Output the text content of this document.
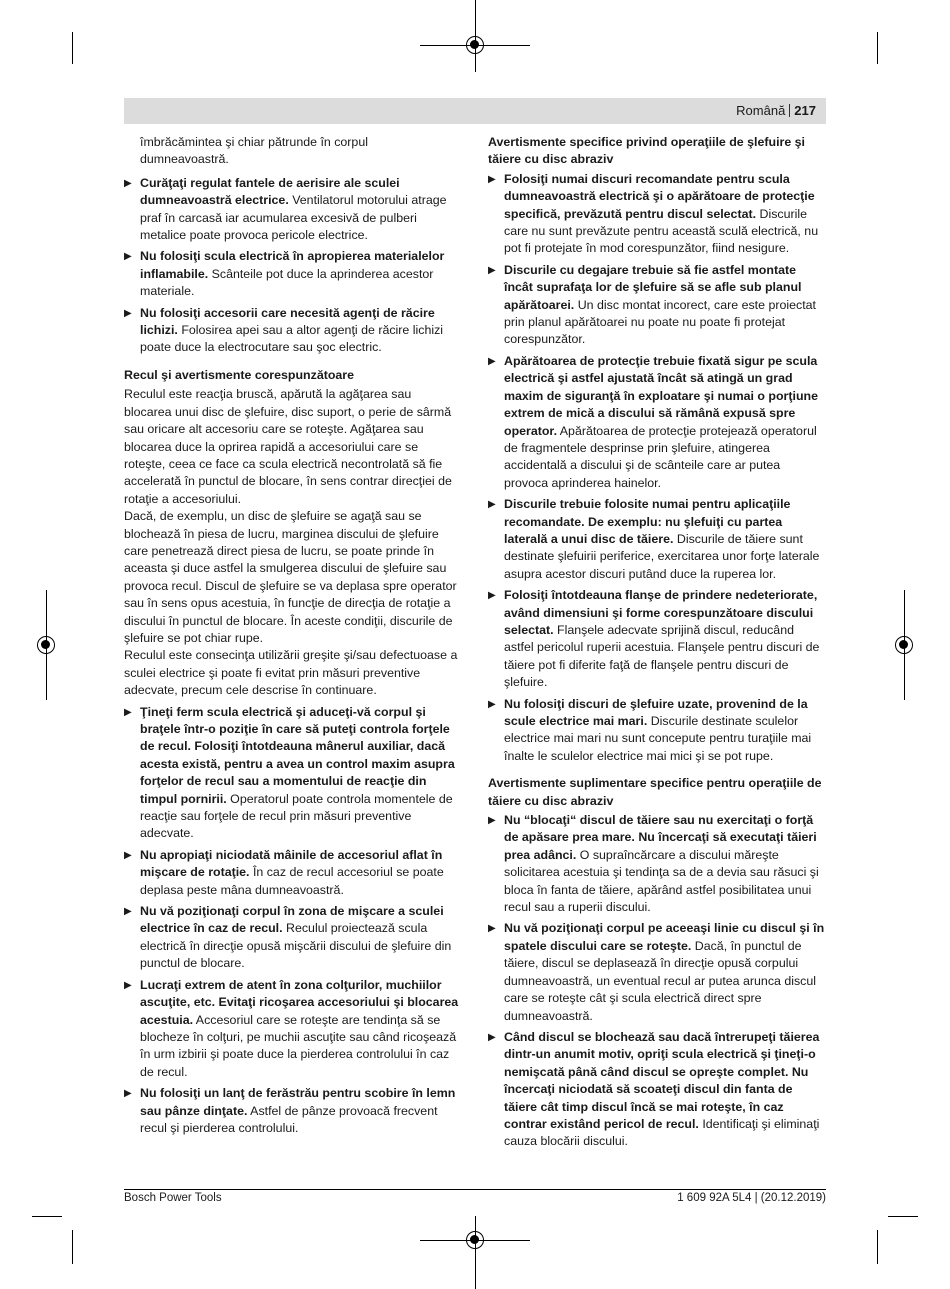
Română 217

îmbrăcămintea şi chiar pătrunde în corpul dumneavoastră.

▶ Curăţaţi regulat fantele de aerisire ale sculei dumneavoastră electrice. Ventilatorul motorului atrage praf în carcasă iar acumularea excesivă de pulberi metalice poate provoca pericole electrice.
▶ Nu folosiţi scula electrică în apropierea materialelor inflamabile. Scânteile pot duce la aprinderea acestor materiale.
▶ Nu folosiţi accesorii care necesită agenţi de răcire lichizi. Folosirea apei sau a altor agenţi de răcire lichizi poate duce la electrocutare sau şoc electric.

Recul şi avertismente corespunzătoare

Reculul este reacţia bruscă, apărută la agăţarea sau blocarea unui disc de şlefuire, disc suport, o perie de sârmă sau oricare alt accesoriu care se roteşte. Agăţarea sau blocarea duce la oprirea rapidă a accesoriului care se roteşte, ceea ce face ca scula electrică necontrolată să fie accelerată în punctul de blocare, în sens contrar direcţiei de rotaţie a accesoriului.

Dacă, de exemplu, un disc de şlefuire se agaţă sau se blochează în piesa de lucru, marginea discului de şlefuire care penetrează direct piesa de lucru, se poate prinde în aceasta şi duce astfel la smulgerea discului de şlefuire sau provoca recul. Discul de şlefuire se va deplasa spre operator sau în sens opus acestuia, în funcţie de direcţia de rotaţie a discului în punctul de blocare. În aceste condiţii, discurile de şlefuire se pot chiar rupe.

Reculul este consecinţa utilizării greşite şi/sau defectuoase a sculei electrice şi poate fi evitat prin măsuri preventive adecvate, precum cele descrise în continuare.

▶ Ţineţi ferm scula electrică şi aduceţi-vă corpul şi braţele într-o poziţie în care să puteţi controla forţele de recul. Folosiţi întotdeauna mânerul auxiliar, dacă acesta există, pentru a avea un control maxim asupra forţelor de recul sau a momentului de reacţie din timpul pornirii. Operatorul poate controla momentele de reacţie sau forţele de recul prin măsuri preventive adecvate.
▶ Nu apropiaţi niciodată mâinile de accesoriul aflat în mişcare de rotaţie. În caz de recul accesoriul se poate deplasa peste mâna dumneavoastră.
▶ Nu vă poziţionaţi corpul în zona de mişcare a sculei electrice în caz de recul. Reculul proiectează scula electrică în direcţie opusă mişcării discului de şlefuire din punctul de blocare.
▶ Lucraţi extrem de atent în zona colţurilor, muchiilor ascuţite, etc. Evitaţi ricoşarea accesoriului şi blocarea acestuia. Accesoriul care se roteşte are tendinţa să se blocheze în colţuri, pe muchii ascuţite sau când ricoşează în urm izbirii şi poate duce la pierderea controlului în caz de recul.
▶ Nu folosiţi un lanţ de ferăstrău pentru scobire în lemn sau pânze dinţate. Astfel de pânze provoacă frecvent recul şi pierderea controlului.

Avertismente specifice privind operaţiile de şlefuire şi tăiere cu disc abraziv

▶ Folosiţi numai discuri recomandate pentru scula dumneavoastră electrică şi o apărătoare de protecţie specifică, prevăzută pentru discul selectat. Discurile care nu sunt prevăzute pentru această sculă electrică, nu pot fi protejate în mod corespunzător, fiind nesigure.
▶ Discurile cu degajare trebuie să fie astfel montate încât suprafaţa lor de şlefuire să se afle sub planul apărătoarei. Un disc montat incorect, care este proiectat prin planul apărătoarei nu poate nu poate fi protejat corespunzător.
▶ Apărătoarea de protecţie trebuie fixată sigur pe scula electrică şi astfel ajustată încât să atingă un grad maxim de siguranţă în exploatare şi numai o porţiune extrem de mică a discului să rămână expusă spre operator. Apărătoarea de protecţie protejează operatorul de fragmentele desprinse prin şlefuire, atingerea accidentală a discului şi de scânteile care ar putea provoca aprinderea hainelor.
▶ Discurile trebuie folosite numai pentru aplicaţiile recomandate. De exemplu: nu şlefuiţi cu partea laterală a unui disc de tăiere. Discurile de tăiere sunt destinate şlefuirii periferice, exercitarea unor forţe laterale asupra acestor discuri putând duce la ruperea lor.
▶ Folosiţi întotdeauna flanşe de prindere nedeteriorate, având dimensiuni şi forme corespunzătoare discului selectat. Flanşele adecvate sprijină discul, reducând astfel pericolul ruperii acestuia. Flanşele pentru discuri de tăiere pot fi diferite faţă de flanşele pentru discuri de şlefuire.
▶ Nu folosiţi discuri de şlefuire uzate, provenind de la scule electrice mai mari. Discurile destinate sculelor electrice mai mari nu sunt concepute pentru turaţiile mai înalte le sculelor electrice mai mici şi se pot rupe.

Avertismente suplimentare specifice pentru operaţiile de tăiere cu disc abraziv

▶ Nu “blocaţi“ discul de tăiere sau nu exercitaţi o forţă de apăsare prea mare. Nu încercaţi să executaţi tăieri prea adânci. O supraîncărcare a discului măreşte solicitarea acestuia şi tendinţa sa de a devia sau răsuci şi bloca în fanta de tăiere, apărând astfel posibilitatea unui recul sau a ruperii discului.
▶ Nu vă poziţionaţi corpul pe aceeaşi linie cu discul şi în spatele discului care se roteşte. Dacă, în punctul de tăiere, discul se deplasează în direcţie opusă corpului dumneavoastră, un eventual recul ar putea arunca discul care se roteşte cât şi scula electrică direct spre dumneavoastră.
▶ Când discul se blochează sau dacă întrerupeţi tăierea dintr-un anumit motiv, opriţi scula electrică şi ţineţi-o nemişcată până când discul se opreşte complet. Nu încercaţi niciodată să scoateţi discul din fanta de tăiere cât timp discul încă se mai roteşte, în caz contrar existând pericol de recul. Identificaţi şi eliminaţi cauza blocării discului.
Bosch Power Tools	1 609 92A 5L4 | (20.12.2019)
